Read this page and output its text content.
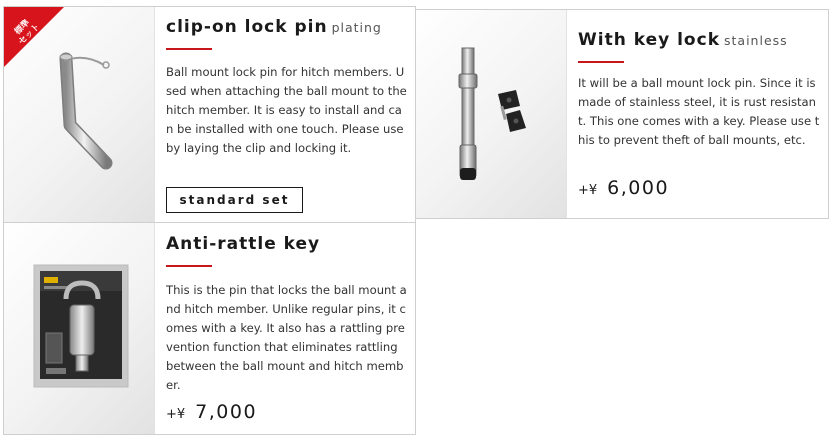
標準
セット	clip-on lock pin plating

Ball mount lock pin for hitch members. Used when attaching the ball mount to the hitch member. It is easy to install and can be installed with one touch. Please use by laying the clip and locking it.

standard set
With key lock stainless

It will be a ball mount lock pin. Since it is made of stainless steel, it is rust resistant. This one comes with a key. Please use this to prevent theft of ball mounts, etc.

+¥ 6,000
Anti-rattle key

This is the pin that locks the ball mount and hitch member. Unlike regular pins, it comes with a key. It also has a rattling prevention function that eliminates rattling between the ball mount and hitch member.

+¥ 7,000
